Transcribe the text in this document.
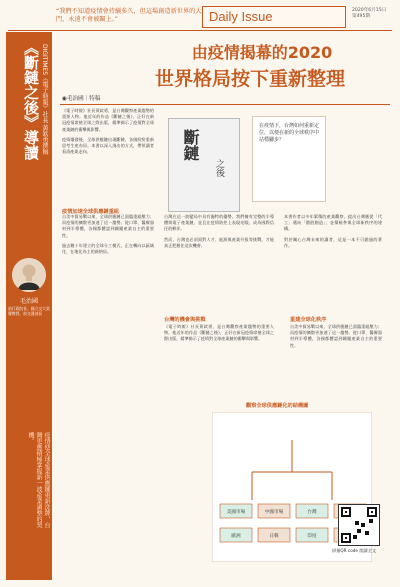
“我們不知道疫情會持續多久，但這場創造新世界的大門，永遠不會被關上。”	Daily Issue	2020年6月15日
第495期
《斷鏈之後》導讀 DIGITIMES《電子時報》社長 黃欽勇撰稿
毛治國
前行政院長、國立交大榮譽教授、前交通部長
疫情使全球產業供應鏈重新洗牌，台灣更應積極掌握新一波產業調整的契機。
由疫情揭幕的2020
世界格局按下重新整理
◉毛治國｜特稿
斷鏈
之後
在疫情下，台灣如何重新定位，以便在新的全球秩序中站穩腳步？
疫情加速全球供應鏈重組
台灣的機會與挑戰	重建全球化秩序

《電子時報》社長黃欽勇，是台灣觀察產業趨勢的重要人物。他近年的作品《斷鏈之後》，正好在新冠疫情席捲全球之際出版，精準揭示了疫情對全球產業鏈的衝擊與影響。

疫情爆發後，全球供應鏈出現斷鏈，各國紛紛重新思考生產布局。本書以深入淺出的方式，帶領讀者看清產業走向。

自美中貿易戰以來，全球供應鏈已面臨重組壓力；而疫情的擴散更加速了這一趨勢。從口罩、醫療器材到半導體，各國都體認到關鍵產業自主的重要性。

過去數十年建立的全球分工模式，正在轉向以區域化、在地化為主的新格局。

台灣在這一波變局中具有獨特的優勢。我們擁有完整的半導體與電子產業鏈，並且在疫情防控上表現亮眼，成為國際信任的夥伴。

然而，台灣也必須面對人才、能源與產業升級等挑戰，才能真正把握住這次機會。

本書作者以多年累積的產業觀察，提出台灣應從「代工」邁向「價值創造」，並積極參與全球新秩序的建構。

對於關心台灣未來的讀者，這是一本不可錯過的著作。

《電子時報》社長黃欽勇，是台灣觀察產業趨勢的重要人物。他近年的作品《斷鏈之後》，正好在新冠疫情席捲全球之際出版，精準揭示了疫情對全球產業鏈的衝擊與影響。

自美中貿易戰以來，全球供應鏈已面臨重組壓力；而疫情的擴散更加速了這一趨勢。從口罩、醫療器材到半導體，各國都體認到關鍵產業自主的重要性。

觀察全球供應鏈化的結構圖
美國市場	中國市場	台灣
歐洲	日韓	印度
掃描QR code 閱讀全文
